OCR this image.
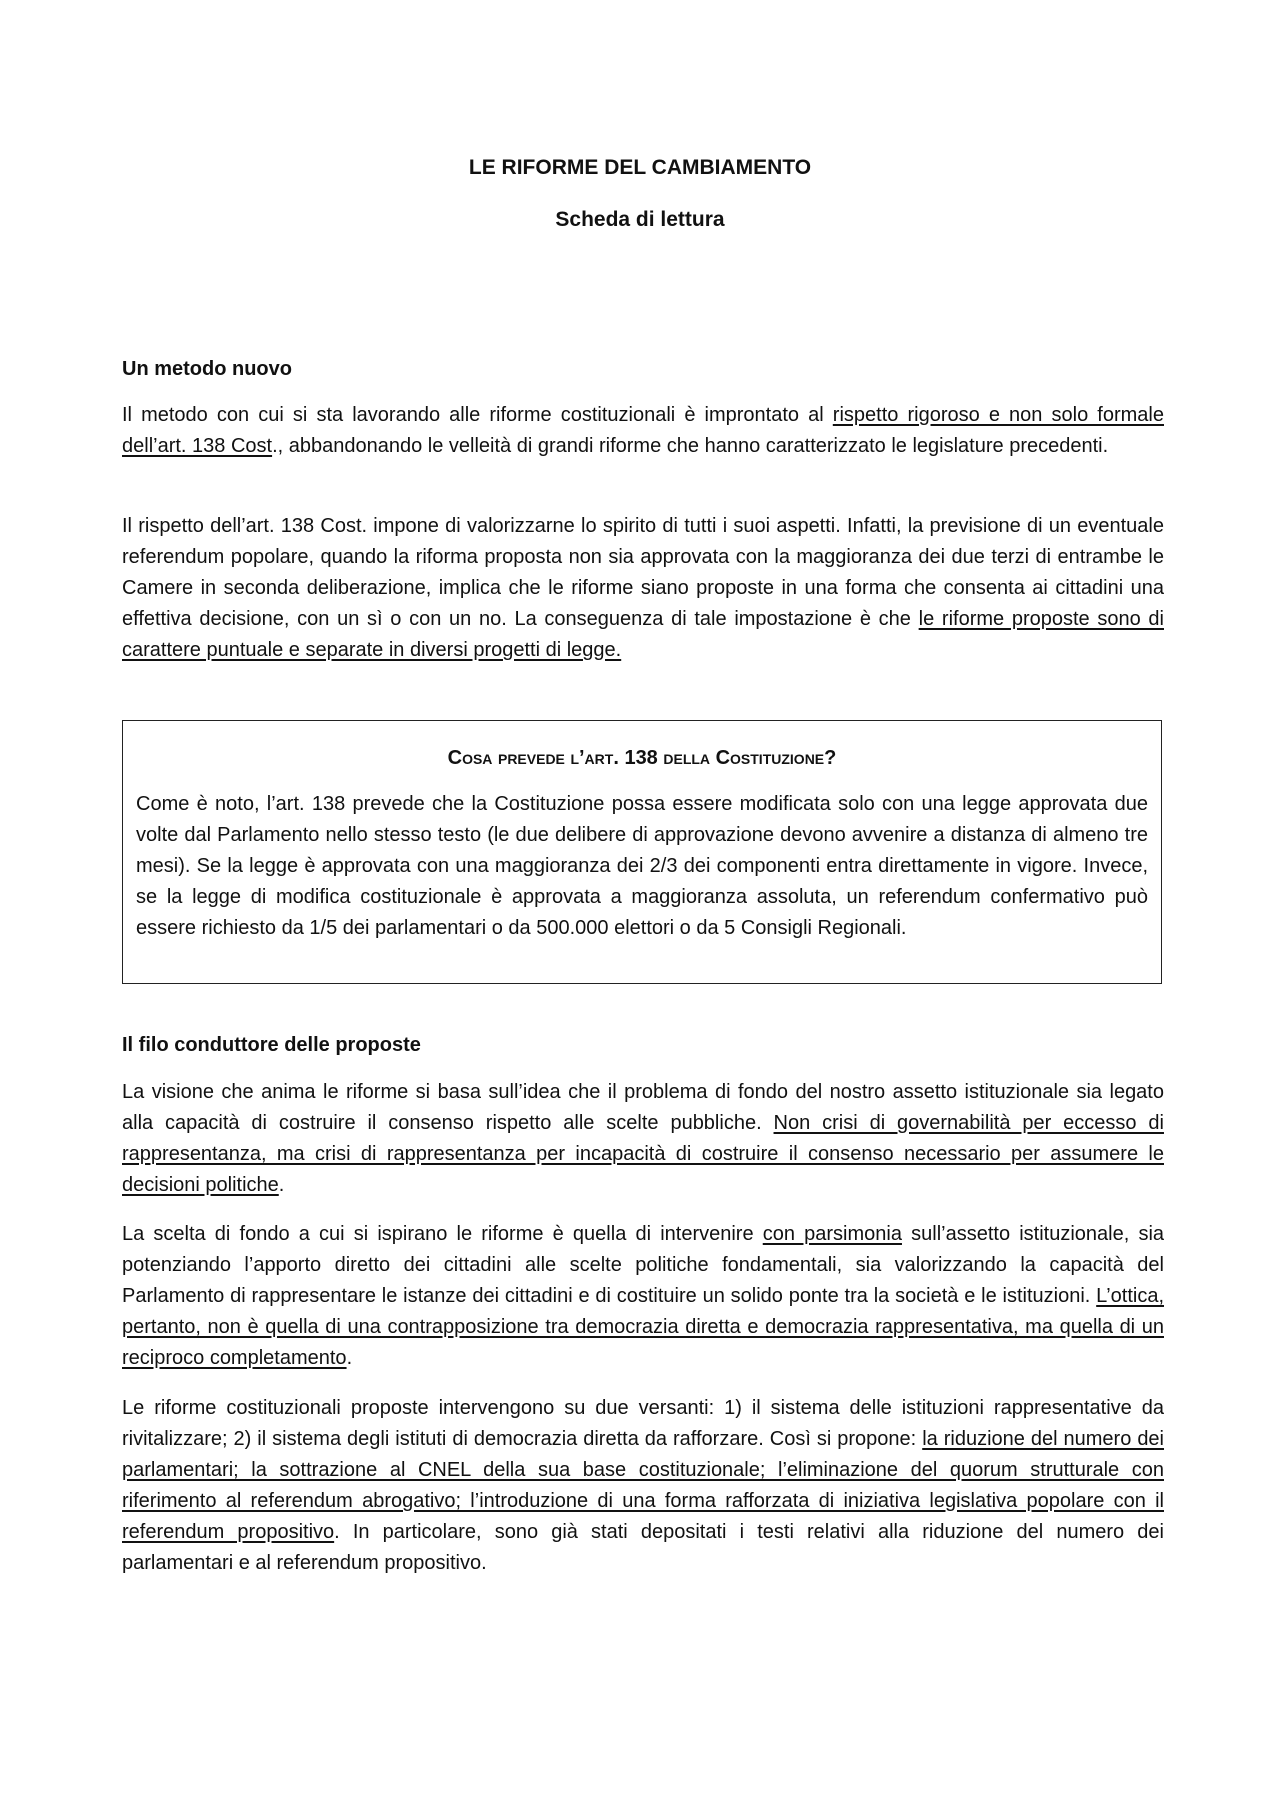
LE RIFORME DEL CAMBIAMENTO
Scheda di lettura
Un metodo nuovo

Il metodo con cui si sta lavorando alle riforme costituzionali è improntato al rispetto rigoroso e non solo formale dell’art. 138 Cost., abbandonando le velleità di grandi riforme che hanno caratterizzato le legislature precedenti.

Il rispetto dell’art. 138 Cost. impone di valorizzarne lo spirito di tutti i suoi aspetti. Infatti, la previsione di un eventuale referendum popolare, quando la riforma proposta non sia approvata con la maggioranza dei due terzi di entrambe le Camere in seconda deliberazione, implica che le riforme siano proposte in una forma che consenta ai cittadini una effettiva decisione, con un sì o con un no. La conseguenza di tale impostazione è che le riforme proposte sono di carattere puntuale e separate in diversi progetti di legge.

Cosa prevede l’art. 138 della Costituzione?

Come è noto, l’art. 138 prevede che la Costituzione possa essere modificata solo con una legge approvata due volte dal Parlamento nello stesso testo (le due delibere di approvazione devono avvenire a distanza di almeno tre mesi). Se la legge è approvata con una maggioranza dei 2/3 dei componenti entra direttamente in vigore. Invece, se la legge di modifica costituzionale è approvata a maggioranza assoluta, un referendum confermativo può essere richiesto da 1/5 dei parlamentari o da 500.000 elettori o da 5 Consigli Regionali.

Il filo conduttore delle proposte

La visione che anima le riforme si basa sull’idea che il problema di fondo del nostro assetto istituzionale sia legato alla capacità di costruire il consenso rispetto alle scelte pubbliche. Non crisi di governabilità per eccesso di rappresentanza, ma crisi di rappresentanza per incapacità di costruire il consenso necessario per assumere le decisioni politiche.

La scelta di fondo a cui si ispirano le riforme è quella di intervenire con parsimonia sull’assetto istituzionale, sia potenziando l’apporto diretto dei cittadini alle scelte politiche fondamentali, sia valorizzando la capacità del Parlamento di rappresentare le istanze dei cittadini e di costituire un solido ponte tra la società e le istituzioni. L’ottica, pertanto, non è quella di una contrapposizione tra democrazia diretta e democrazia rappresentativa, ma quella di un reciproco completamento.

Le riforme costituzionali proposte intervengono su due versanti: 1) il sistema delle istituzioni rappresentative da rivitalizzare; 2) il sistema degli istituti di democrazia diretta da rafforzare. Così si propone: la riduzione del numero dei parlamentari; la sottrazione al CNEL della sua base costituzionale; l’eliminazione del quorum strutturale con riferimento al referendum abrogativo; l’introduzione di una forma rafforzata di iniziativa legislativa popolare con il referendum propositivo. In particolare, sono già stati depositati i testi relativi alla riduzione del numero dei parlamentari e al referendum propositivo.
